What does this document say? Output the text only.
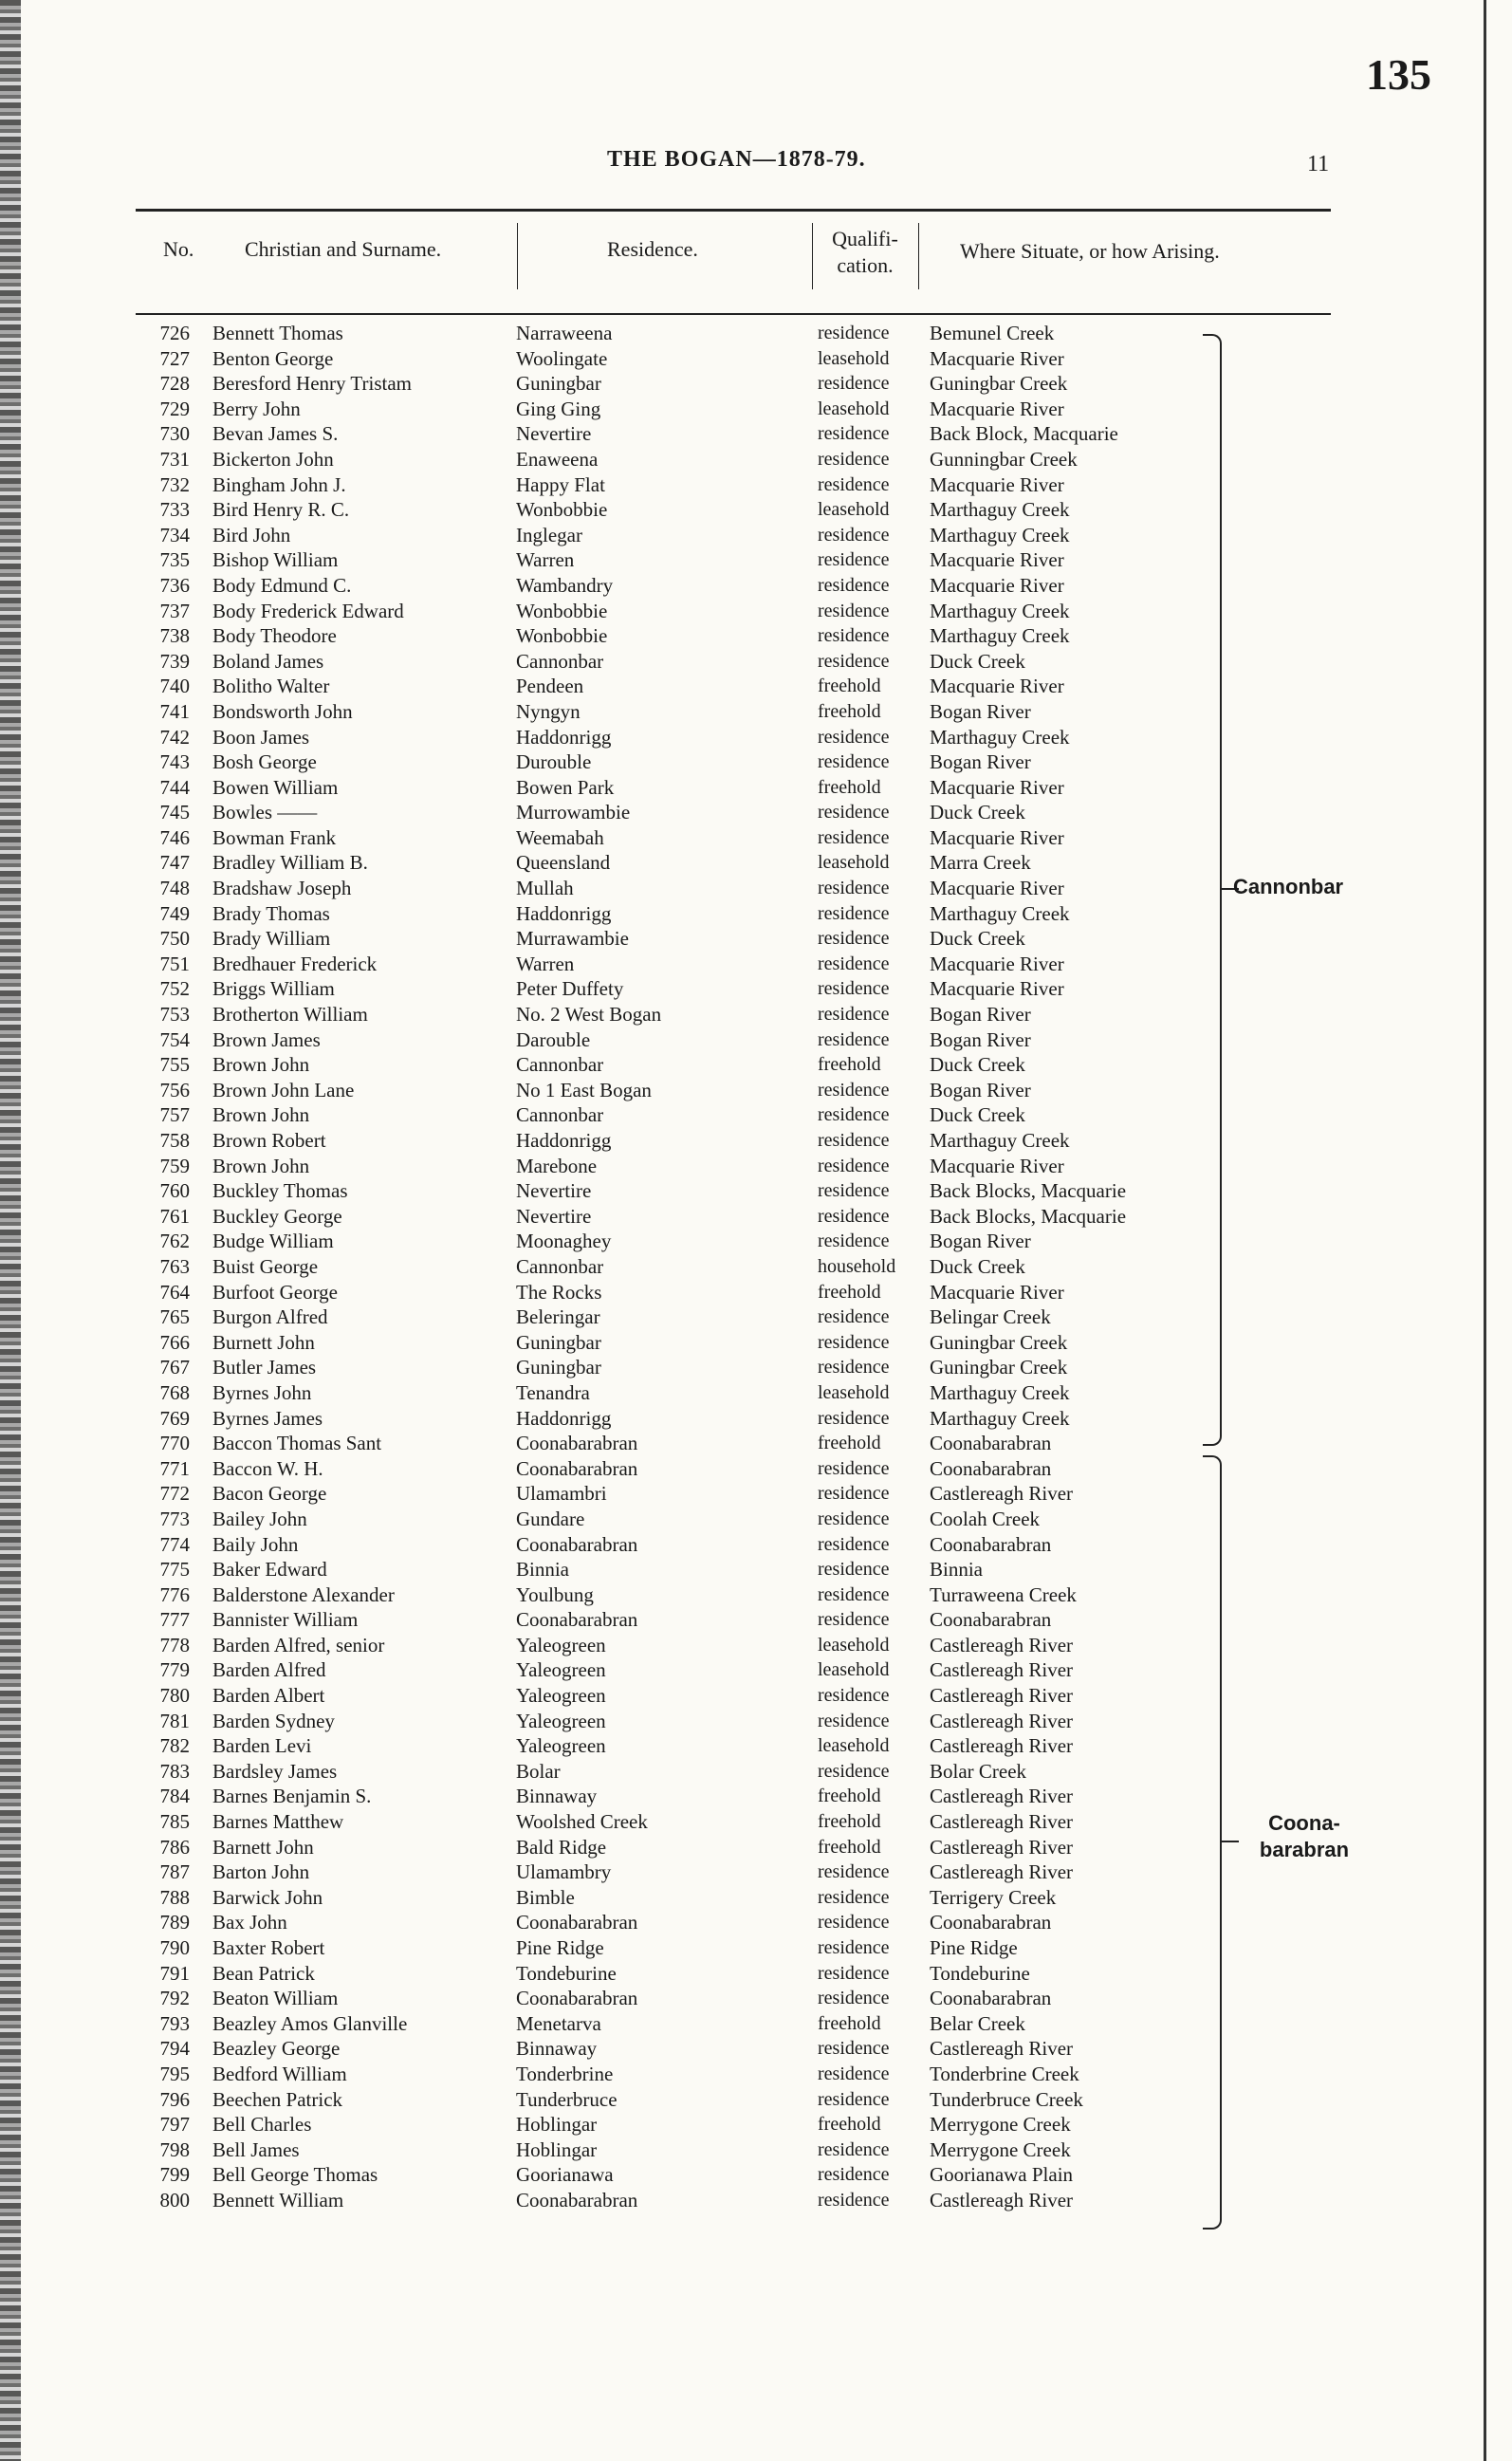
135
THE BOGAN—1878-79.	11
No. Christian and Surname.	Residence.	Qualifi-
cation.
Where Situate, or how Arising.
726 Bennett Thomas	Narraweena	residence Bemunel Creek
727 Benton George	Woolingate	leasehold Macquarie River
728 Beresford Henry Tristam	Guningbar	residence Guningbar Creek
729 Berry John	Ging Ging	leasehold Macquarie River
730 Bevan James S.	Nevertire	residence Back Block, Macquarie
731 Bickerton John	Enaweena	residence Gunningbar Creek
732 Bingham John J.	Happy Flat	residence Macquarie River
733 Bird Henry R. C.	Wonbobbie	leasehold Marthaguy Creek
734 Bird John	Inglegar	residence Marthaguy Creek
735 Bishop William	Warren	residence Macquarie River
736 Body Edmund C.	Wambandry	residence Macquarie River
737 Body Frederick Edward	Wonbobbie	residence Marthaguy Creek
738 Body Theodore	Wonbobbie	residence Marthaguy Creek
739 Boland James	Cannonbar	residence Duck Creek
740 Bolitho Walter	Pendeen	freehold Macquarie River
741 Bondsworth John	Nyngyn	freehold Bogan River
742 Boon James	Haddonrigg	residence Marthaguy Creek
743 Bosh George	Durouble	residence Bogan River
744 Bowen William	Bowen Park	freehold Macquarie River
745 Bowles ——	Murrowambie	residence Duck Creek
746 Bowman Frank	Weemabah	residence Macquarie River
747 Bradley William B.	Queensland	leasehold Marra Creek
748 Bradshaw Joseph	Mullah	residence Macquarie River
749 Brady Thomas	Haddonrigg	residence Marthaguy Creek
750 Brady William	Murrawambie	residence Duck Creek
751 Bredhauer Frederick	Warren	residence Macquarie River
752 Briggs William	Peter Duffety	residence Macquarie River
753 Brotherton William	No. 2 West Bogan	residence Bogan River
754 Brown James	Darouble	residence Bogan River
755 Brown John	Cannonbar	freehold Duck Creek
756 Brown John Lane	No 1 East Bogan	residence Bogan River
757 Brown John	Cannonbar	residence Duck Creek
758 Brown Robert	Haddonrigg	residence Marthaguy Creek
759 Brown John	Marebone	residence Macquarie River
760 Buckley Thomas	Nevertire	residence Back Blocks, Macquarie
761 Buckley George	Nevertire	residence Back Blocks, Macquarie
762 Budge William	Moonaghey	residence Bogan River
763 Buist George	Cannonbar	household Duck Creek
764 Burfoot George	The Rocks	freehold Macquarie River
765 Burgon Alfred	Beleringar	residence Belingar Creek
766 Burnett John	Guningbar	residence Guningbar Creek
767 Butler James	Guningbar	residence Guningbar Creek
768 Byrnes John	Tenandra	leasehold Marthaguy Creek
769 Byrnes James	Haddonrigg	residence Marthaguy Creek
770 Baccon Thomas Sant	Coonabarabran	freehold Coonabarabran
771 Baccon W. H.	Coonabarabran	residence Coonabarabran
772 Bacon George	Ulamambri	residence Castlereagh River
773 Bailey John	Gundare	residence Coolah Creek
774 Baily John	Coonabarabran	residence Coonabarabran
775 Baker Edward	Binnia	residence Binnia
776 Balderstone Alexander	Youlbung	residence Turraweena Creek
777 Bannister William	Coonabarabran	residence Coonabarabran
778 Barden Alfred, senior	Yaleogreen	leasehold Castlereagh River
779 Barden Alfred	Yaleogreen	leasehold Castlereagh River
780 Barden Albert	Yaleogreen	residence Castlereagh River
781 Barden Sydney	Yaleogreen	residence Castlereagh River
782 Barden Levi	Yaleogreen	leasehold Castlereagh River
783 Bardsley James	Bolar	residence Bolar Creek
784 Barnes Benjamin S.	Binnaway	freehold Castlereagh River
785 Barnes Matthew	Woolshed Creek	freehold Castlereagh River
786 Barnett John	Bald Ridge	freehold Castlereagh River
787 Barton John	Ulamambry	residence Castlereagh River
788 Barwick John	Bimble	residence Terrigery Creek
789 Bax John	Coonabarabran	residence Coonabarabran
790 Baxter Robert	Pine Ridge	residence Pine Ridge
791 Bean Patrick	Tondeburine	residence Tondeburine
792 Beaton William	Coonabarabran	residence Coonabarabran
793 Beazley Amos Glanville	Menetarva	freehold Belar Creek
794 Beazley George	Binnaway	residence Castlereagh River
795 Bedford William	Tonderbrine	residence Tonderbrine Creek
796 Beechen Patrick	Tunderbruce	residence Tunderbruce Creek
797 Bell Charles	Hoblingar	freehold Merrygone Creek
798 Bell James	Hoblingar	residence Merrygone Creek
799 Bell George Thomas	Goorianawa	residence Goorianawa Plain
800 Bennett William	Coonabarabran	residence Castlereagh River
Cannonbar
Coona-
barabran
